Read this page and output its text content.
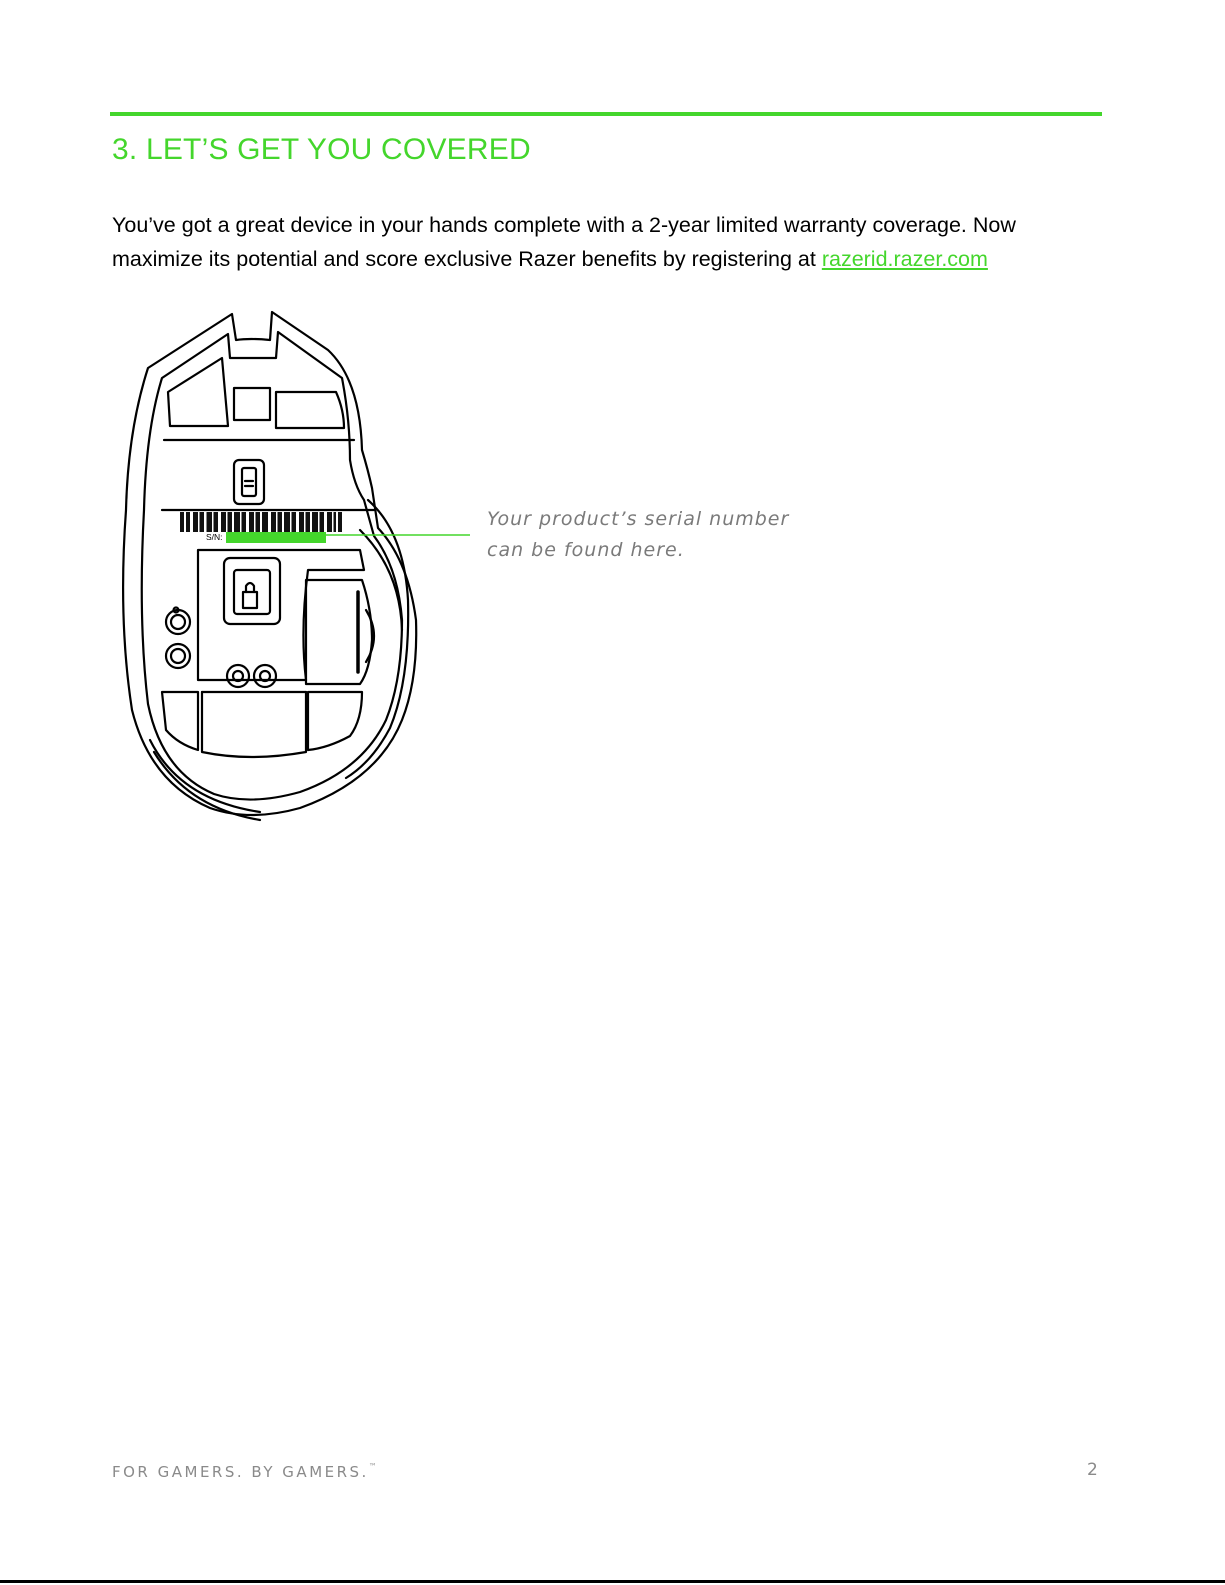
3. LET’S GET YOU COVERED

You’ve got a great device in your hands complete with a 2-year limited warranty coverage. Now maximize its potential and score exclusive Razer benefits by registering at razerid.razer.com

S/N:

Your product’s serial number
can be found here.

FOR GAMERS. BY GAMERS.™	2
